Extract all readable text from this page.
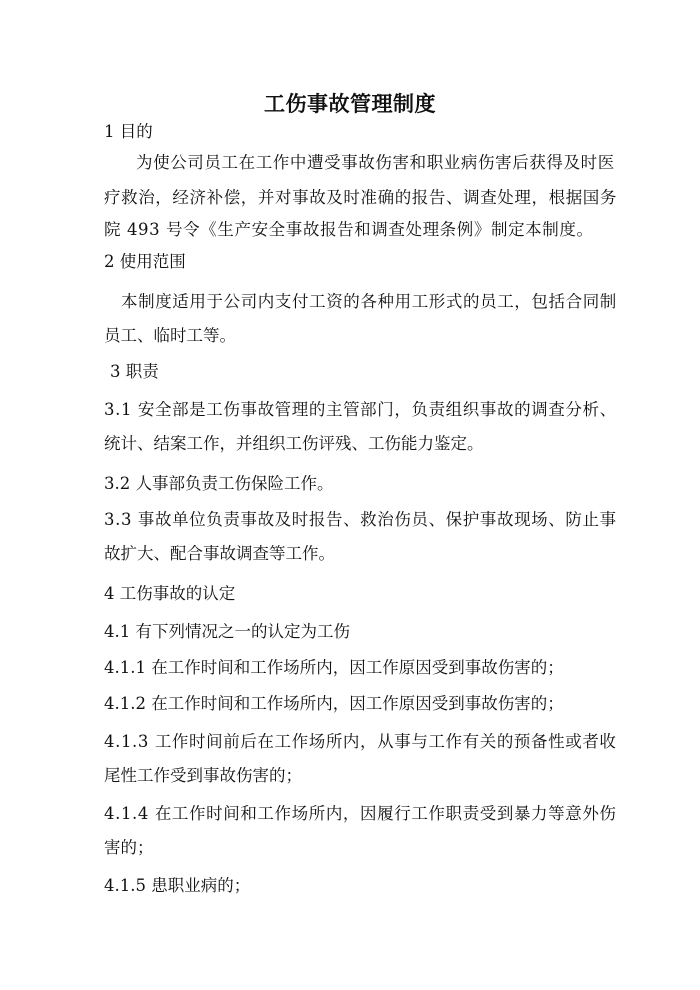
工伤事故管理制度
1 目的
为使公司员工在工作中遭受事故伤害和职业病伤害后获得及时医
疗救治，经济补偿，并对事故及时准确的报告、调查处理，根据国务
院 493 号令《生产安全事故报告和调查处理条例》制定本制度。
2 使用范围
本制度适用于公司内支付工资的各种用工形式的员工，包括合同制
员工、临时工等。
3 职责
3.1 安全部是工伤事故管理的主管部门，负责组织事故的调查分析、
统计、结案工作，并组织工伤评残、工伤能力鉴定。
3.2 人事部负责工伤保险工作。
3.3 事故单位负责事故及时报告、救治伤员、保护事故现场、防止事
故扩大、配合事故调查等工作。
4 工伤事故的认定
4.1 有下列情况之一的认定为工伤
4.1.1 在工作时间和工作场所内，因工作原因受到事故伤害的；
4.1.2 在工作时间和工作场所内，因工作原因受到事故伤害的；
4.1.3 工作时间前后在工作场所内，从事与工作有关的预备性或者收
尾性工作受到事故伤害的；
4.1.4 在工作时间和工作场所内，因履行工作职责受到暴力等意外伤
害的；
4.1.5 患职业病的；
